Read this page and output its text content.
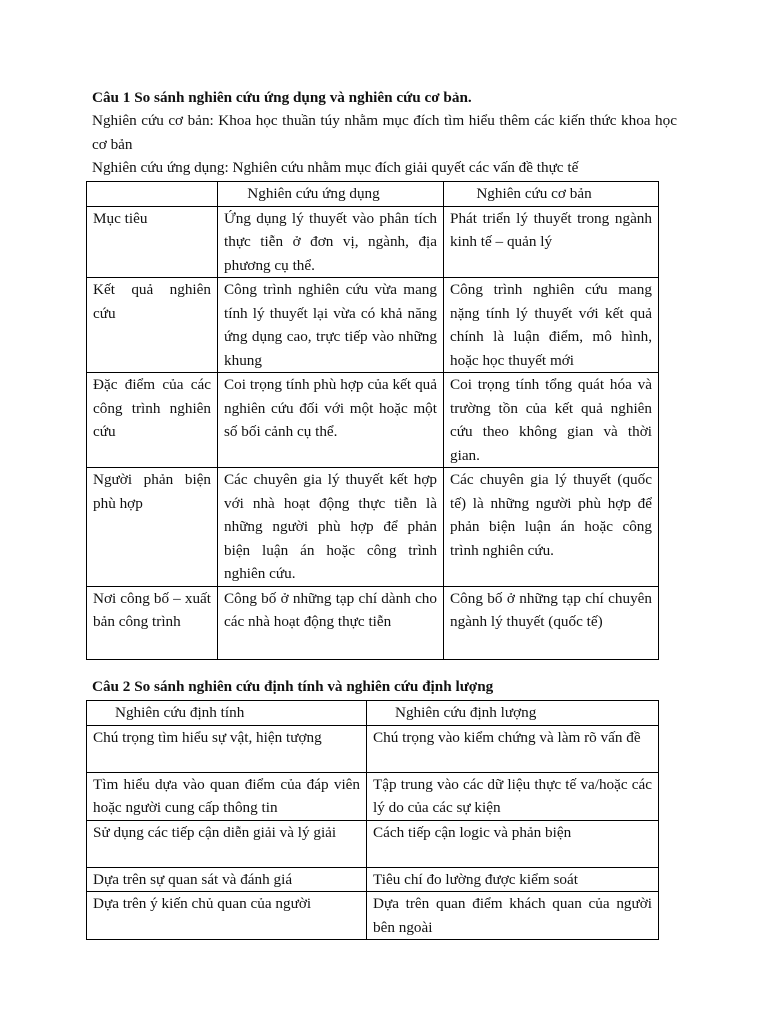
Câu 1 So sánh nghiên cứu ứng dụng và nghiên cứu cơ bản.
Nghiên cứu cơ bản: Khoa học thuần túy nhằm mục đích tìm hiểu thêm các kiến thức khoa học cơ bản
Nghiên cứu ứng dụng: Nghiên cứu nhằm mục đích giải quyết các vấn đề thực tế
	Nghiên cứu ứng dụng	Nghiên cứu cơ bản
Mục tiêu	Ứng dụng lý thuyết vào phân tích thực tiễn ở đơn vị, ngành, địa phương cụ thể.	Phát triển lý thuyết trong ngành kinh tế – quản lý
Kết quả nghiên cứu	Công trình nghiên cứu vừa mang tính lý thuyết lại vừa có khả năng ứng dụng cao, trực tiếp vào những khung	Công trình nghiên cứu mang nặng tính lý thuyết với kết quả chính là luận điểm, mô hình, hoặc học thuyết mới
Đặc điểm của các công trình nghiên cứu	Coi trọng tính phù hợp của kết quả nghiên cứu đối với một hoặc một số bối cảnh cụ thể.	Coi trọng tính tổng quát hóa và trường tồn của kết quả nghiên cứu theo không gian và thời gian.
Người phản biện phù hợp	Các chuyên gia lý thuyết kết hợp với nhà hoạt động thực tiễn là những người phù hợp để phản biện luận án hoặc công trình nghiên cứu.	Các chuyên gia lý thuyết (quốc tế) là những người phù hợp để phản biện luận án hoặc công trình nghiên cứu.
Nơi công bố – xuất bản công trình	Công bố ở những tạp chí dành cho các nhà hoạt động thực tiễn	Công bố ở những tạp chí chuyên ngành lý thuyết (quốc tế)
Câu 2 So sánh nghiên cứu định tính và nghiên cứu định lượng
Nghiên cứu định tính	Nghiên cứu định lượng
Chú trọng tìm hiểu sự vật, hiện tượng	Chú trọng vào kiểm chứng và làm rõ vấn đề
Tìm hiểu dựa vào quan điểm của đáp viên hoặc người cung cấp thông tin	Tập trung vào các dữ liệu thực tế va/hoặc các lý do của các sự kiện
Sử dụng các tiếp cận diễn giải và lý giải	Cách tiếp cận logic và phản biện
Dựa trên sự quan sát và đánh giá	Tiêu chí đo lường được kiểm soát
Dựa trên ý kiến chủ quan của người	Dựa trên quan điểm khách quan của người bên ngoài
